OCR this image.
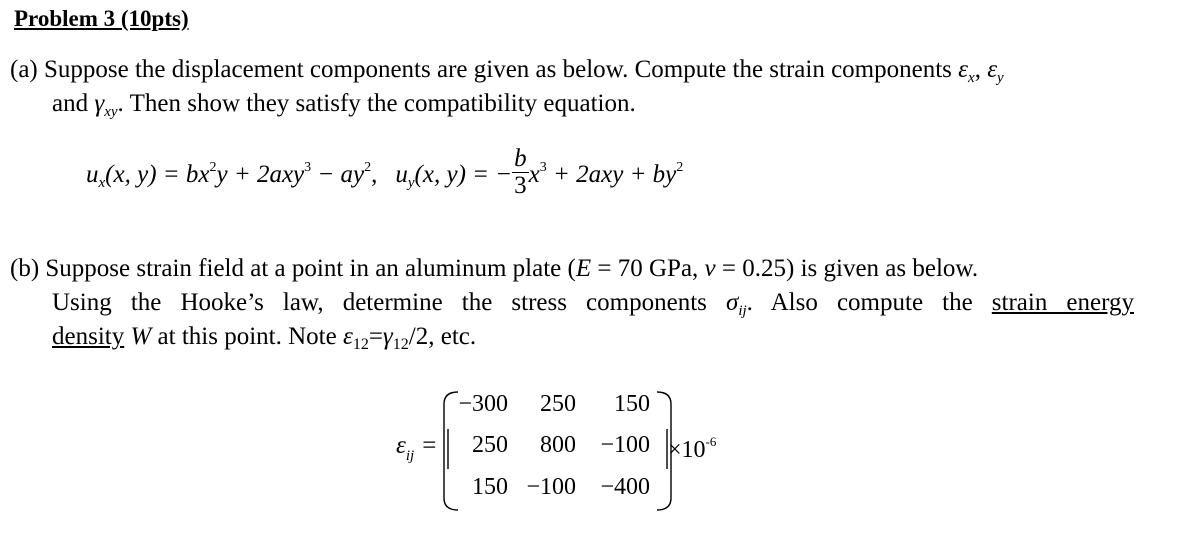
Problem 3 (10pts)
(a) Suppose the displacement components are given as below. Compute the strain components $\varepsilon_x$, $\varepsilon_y$
and $\gamma_{xy}$. Then show they satisfy the compatibility equation.
$u_x(x$, $y) = bx^2y + 2axy^3 - ay^2$, $u_y(x$, y) = − $\frac{b}{3} x^3 + 2axy + by^2$
(b) Suppose strain field at a point in an aluminum plate (E = 70 GPa, ν = 0.25) is given as below.
Using the Hooke’s law, determine the stress components $\sigma_{ij}$. Also compute the strain energy
density W at this point. Note $\varepsilon_{12}=\gamma_{12}/2$, etc.
$\varepsilon_{ij}$ =
−300	250	150
250	800	−100
150 −100	−400
$\times 10^{-6}$
